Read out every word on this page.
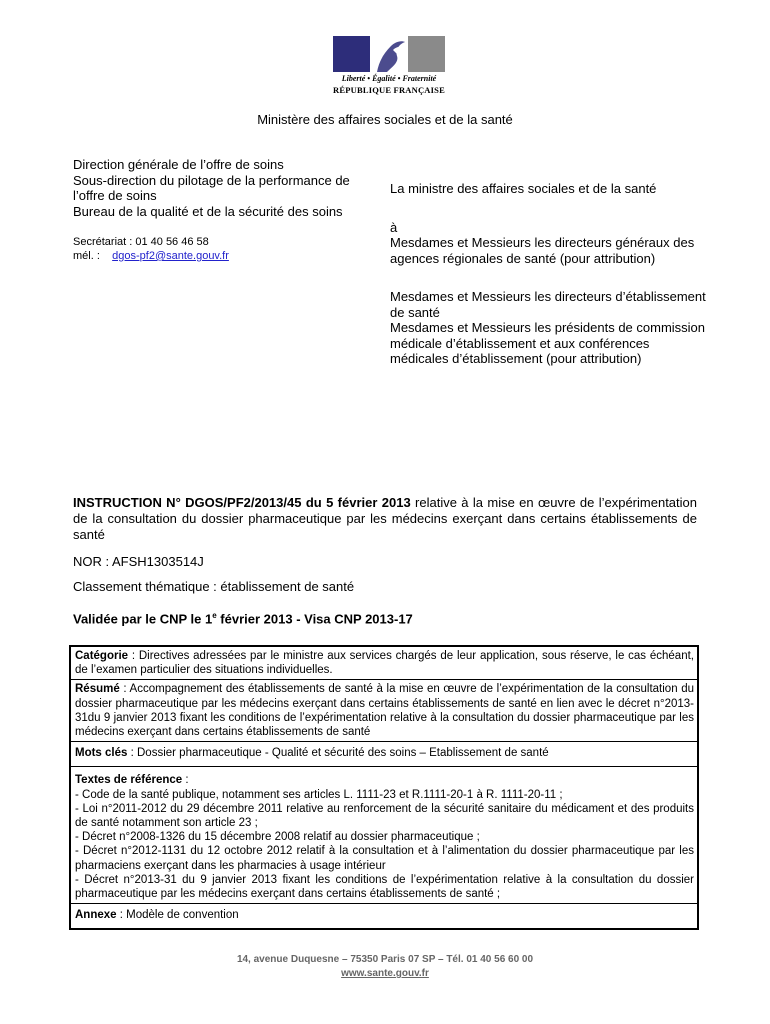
Liberté • Égalité • Fraternité
RÉPUBLIQUE FRANÇAISE
Ministère des affaires sociales et de la santé
Direction générale de l’offre de soins
Sous-direction du pilotage de la performance de
l’offre de soins
Bureau de la qualité et de la sécurité des soins
Secrétariat : 01 40 56 46 58
mél. : dgos-pf2@sante.gouv.fr
La ministre des affaires sociales et de la santé
à
Mesdames et Messieurs les directeurs généraux des agences régionales de santé (pour attribution)
Mesdames et Messieurs les directeurs d’établissement de santé
Mesdames et Messieurs les présidents de commission médicale d’établissement et aux conférences médicales d’établissement (pour attribution)
INSTRUCTION N° DGOS/PF2/2013/45 du 5 février 2013 relative à la mise en œuvre de l’expérimentation de la consultation du dossier pharmaceutique par les médecins exerçant dans certains établissements de santé
NOR : AFSH1303514J
Classement thématique : établissement de santé
Validée par le CNP le 1e février 2013 - Visa CNP 2013-17
Catégorie : Directives adressées par le ministre aux services chargés de leur application, sous réserve, le cas échéant, de l’examen particulier des situations individuelles.
Résumé : Accompagnement des établissements de santé à la mise en œuvre de l’expérimentation de la consultation du dossier pharmaceutique par les médecins exerçant dans certains établissements de santé en lien avec le décret n°2013-31du 9 janvier 2013 fixant les conditions de l’expérimentation relative à la consultation du dossier pharmaceutique par les médecins exerçant dans certains établissements de santé
Mots clés : Dossier pharmaceutique - Qualité et sécurité des soins – Etablissement de santé

Textes de référence :
- Code de la santé publique, notamment ses articles L. 1111-23 et R.1111-20-1 à R. 1111-20-11 ;
- Loi n°2011-2012 du 29 décembre 2011 relative au renforcement de la sécurité sanitaire du médicament et des produits de santé notamment son article 23 ;
- Décret n°2008-1326 du 15 décembre 2008 relatif au dossier pharmaceutique ;
- Décret n°2012-1131 du 12 octobre 2012 relatif à la consultation et à l’alimentation du dossier pharmaceutique par les pharmaciens exerçant dans les pharmacies à usage intérieur
- Décret n°2013-31 du 9 janvier 2013 fixant les conditions de l’expérimentation relative à la consultation du dossier pharmaceutique par les médecins exerçant dans certains établissements de santé ;

Annexe : Modèle de convention
14, avenue Duquesne – 75350 Paris 07 SP – Tél. 01 40 56 60 00
www.sante.gouv.fr
